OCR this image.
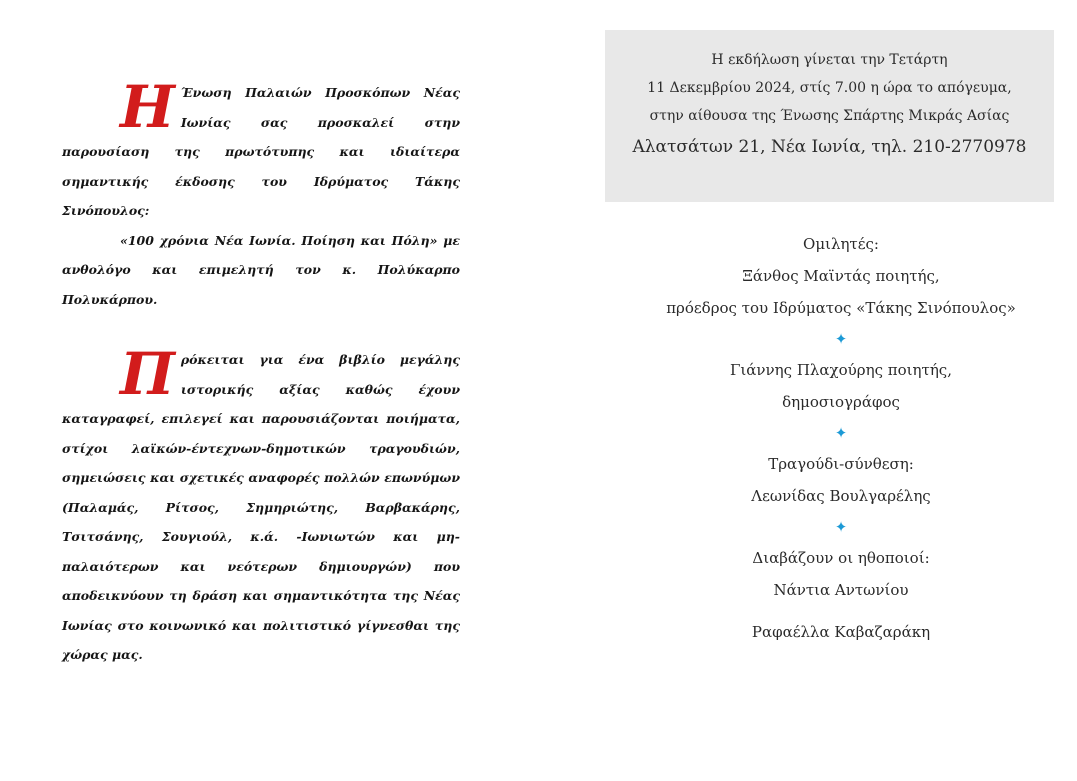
Η Ένωση Παλαιών Προσκόπων Νέας Ιωνίας σας προσκαλεί στην παρουσίαση της πρωτότυπης και ιδιαίτερα σημαντικής έκδοσης του Ιδρύματος Τάκης Σινόπουλος:
«100 χρόνια Νέα Ιωνία. Ποίηση και Πόλη» με ανθολόγο και επιμελητή τον κ. Πολύκαρπο Πολυκάρπου.

Π ρόκειται για ένα βιβλίο μεγάλης ιστορικής αξίας καθώς έχουν καταγραφεί, επιλεγεί και παρουσιάζονται ποιήματα, στίχοι λαϊκών-έντεχνων-δημοτικών τραγουδιών, σημειώσεις και σχετικές αναφορές πολλών επωνύμων (Παλαμάς, Ρίτσος, Σημηριώτης, Βαρβακάρης, Τσιτσάνης, Σουγιούλ, κ.ά. -Ιωνιωτών και μη- παλαιότερων και νεότερων δημιουργών) που αποδεικνύουν τη δράση και σημαντικότητα της Νέας Ιωνίας στο κοινωνικό και πολιτιστικό γίγνεσθαι της χώρας μας.

Η εκδήλωση γίνεται την Τετάρτη
11 Δεκεμβρίου 2024, στίς 7.00 η ώρα το απόγευμα,
στην αίθουσα της Ένωσης Σπάρτης Μικράς Ασίας
Αλατσάτων 21, Νέα Ιωνία, τηλ. 210-2770978
Ομιλητές:
Ξάνθος Μαϊντάς ποιητής,
πρόεδρος του Ιδρύματος «Τάκης Σινόπουλος»
✦
Γιάννης Πλαχούρης ποιητής,
δημοσιογράφος
✦
Τραγούδι-σύνθεση:
Λεωνίδας Βουλγαρέλης
✦
Διαβάζουν οι ηθοποιοί:
Νάντια Αντωνίου
Ραφαέλλα Καβαζαράκη
